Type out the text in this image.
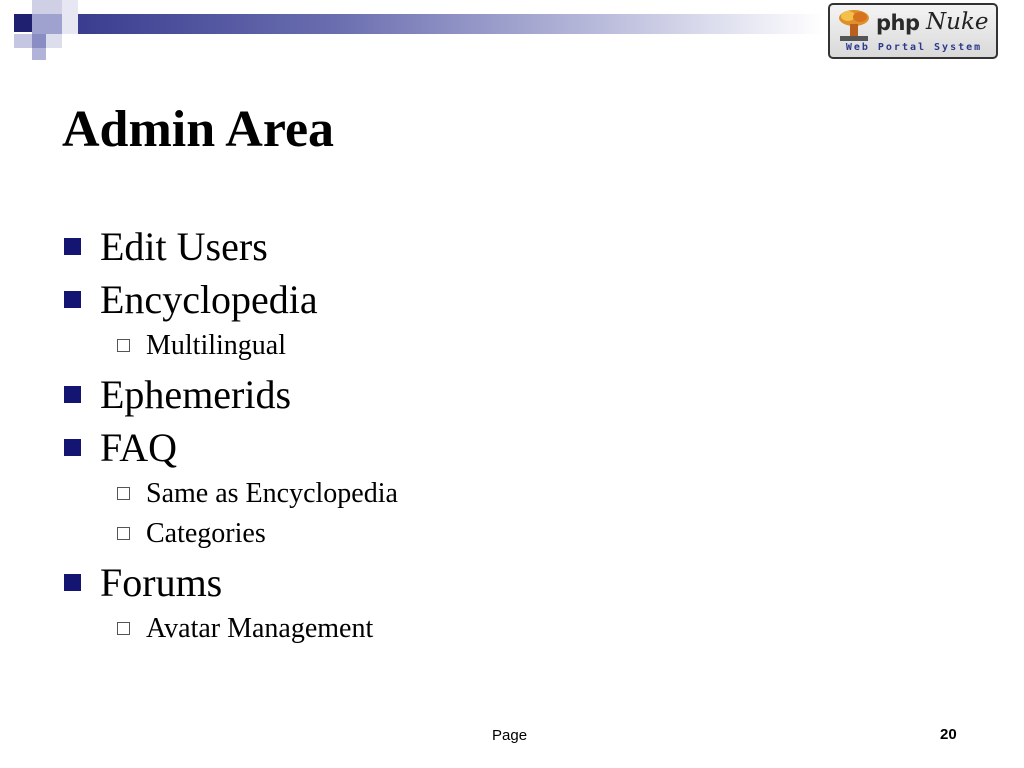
php Nuke
Web Portal System
Admin Area
Edit Users
Encyclopedia
Multilingual
Ephemerids
FAQ
Same as Encyclopedia
Categories
Forums
Avatar Management
Page	20
